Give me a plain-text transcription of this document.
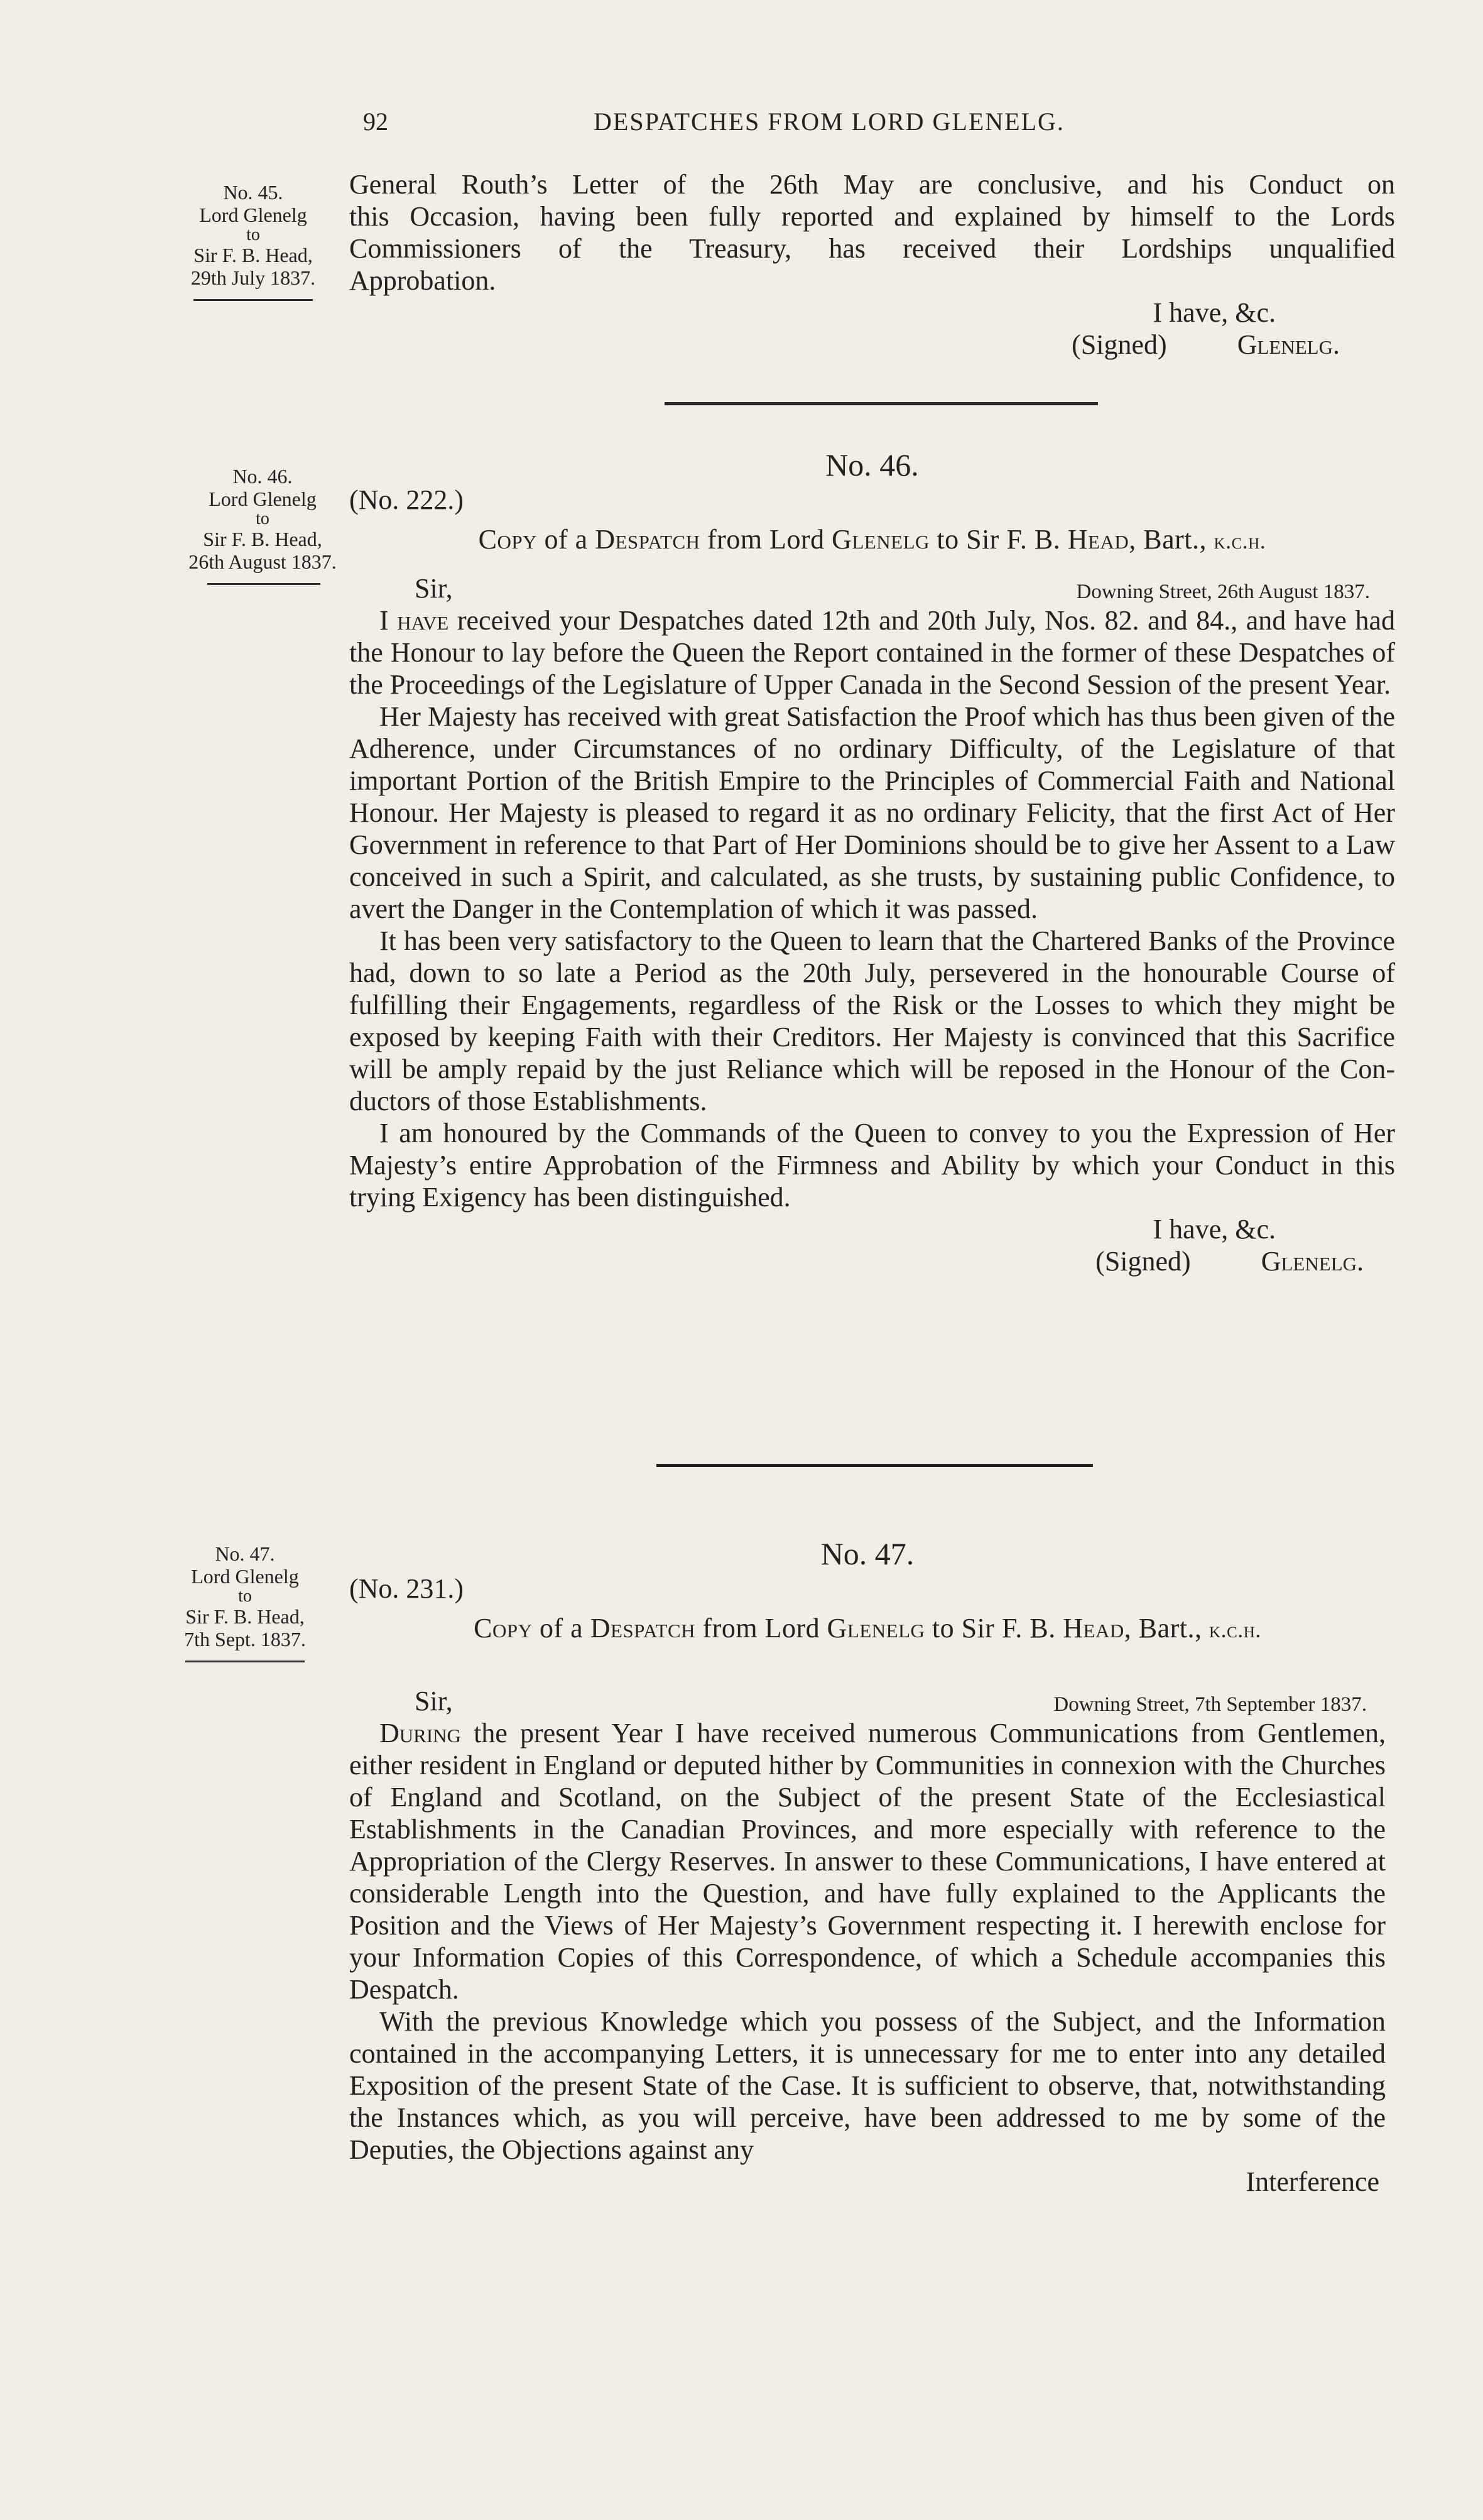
92	DESPATCHES FROM LORD GLENELG.
No. 45.
Lord Glenelg
to
Sir F. B. Head,
29th July 1837.

General Routh’s Letter of the 26th May are conclusive, and his Conduct on
this Occasion, having been fully reported and explained by himself to the Lords
Commissioners of the Treasury, has received their Lordships unqualified
Approbation.

I have, &c.

(Signed)	Glenelg.

No. 46.
Lord Glenelg
to
Sir F. B. Head,
26th August 1837.

No. 46.

(No. 222.)

Copy of a Despatch from Lord Glenelg to Sir F. B. Head, Bart., k.c.h.

Sir,	Downing Street, 26th August 1837.

I have received your Despatches dated 12th and 20th July, Nos. 82. and 84., and have had the Honour to lay before the Queen the Report contained in the former of these Despatches of the Proceedings of the Legislature of Upper Canada in the Second Session of the present Year.

Her Majesty has received with great Satisfaction the Proof which has thus been given of the Adherence, under Circumstances of no ordinary Difficulty, of the Legislature of that important Portion of the British Empire to the Principles of Commercial Faith and National Honour. Her Majesty is pleased to regard it as no ordinary Felicity, that the first Act of Her Government in reference to that Part of Her Dominions should be to give her Assent to a Law conceived in such a Spirit, and calculated, as she trusts, by sustaining public Confidence, to avert the Danger in the Contemplation of which it was passed.

It has been very satisfactory to the Queen to learn that the Chartered Banks of the Province had, down to so late a Period as the 20th July, persevered in the honourable Course of fulfilling their Engagements, regardless of the Risk or the Losses to which they might be exposed by keeping Faith with their Creditors. Her Majesty is convinced that this Sacrifice will be amply repaid by the just Reliance which will be reposed in the Honour of the Conductors of those Establishments.

I am honoured by the Commands of the Queen to convey to you the Expression of Her Majesty’s entire Approbation of the Firmness and Ability by which your Conduct in this trying Exigency has been distinguished.

I have, &c.

(Signed)	Glenelg.

No. 47.
Lord Glenelg
to
Sir F. B. Head,
7th Sept. 1837.

No. 47.

(No. 231.)

Copy of a Despatch from Lord Glenelg to Sir F. B. Head, Bart., k.c.h.

Sir,	Downing Street, 7th September 1837.

During the present Year I have received numerous Communications from Gentlemen, either resident in England or deputed hither by Communities in connexion with the Churches of England and Scotland, on the Subject of the present State of the Ecclesiastical Establishments in the Canadian Provinces, and more especially with reference to the Appropriation of the Clergy Reserves. In answer to these Communications, I have entered at considerable Length into the Question, and have fully explained to the Applicants the Position and the Views of Her Majesty’s Government respecting it. I herewith enclose for your Information Copies of this Correspondence, of which a Schedule accompanies this Despatch.

With the previous Knowledge which you possess of the Subject, and the Information contained in the accompanying Letters, it is unnecessary for me to enter into any detailed Exposition of the present State of the Case. It is sufficient to observe, that, notwithstanding the Instances which, as you will perceive, have been addressed to me by some of the Deputies, the Objections against any

Interference
